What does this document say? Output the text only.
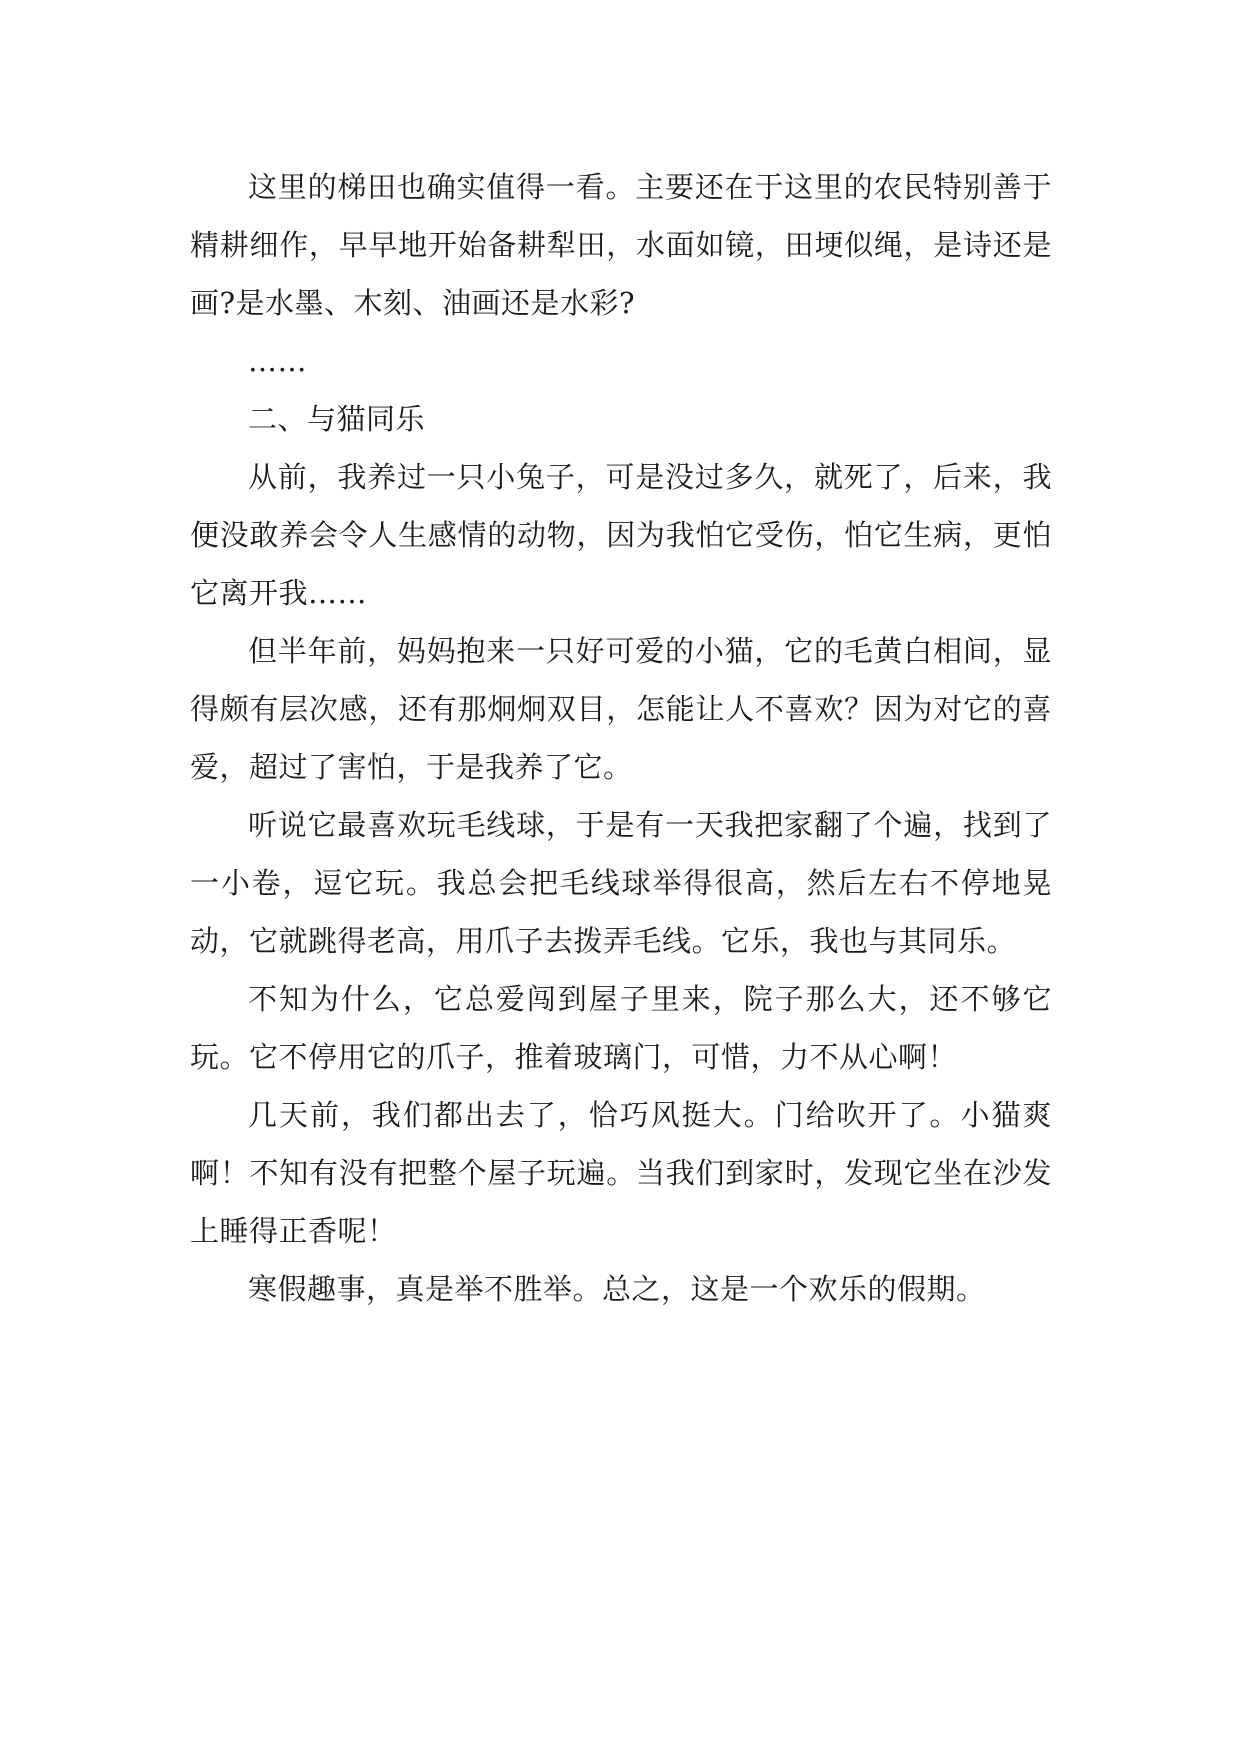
这里的梯田也确实值得一看。主要还在于这里的农民特别善于精耕细作，早早地开始备耕犁田，水面如镜，田埂似绳，是诗还是画?是水墨、木刻、油画还是水彩?

……

二、与猫同乐

从前，我养过一只小兔子，可是没过多久，就死了，后来，我便没敢养会令人生感情的动物，因为我怕它受伤，怕它生病，更怕它离开我……

但半年前，妈妈抱来一只好可爱的小猫，它的毛黄白相间，显得颇有层次感，还有那炯炯双目，怎能让人不喜欢？因为对它的喜爱，超过了害怕，于是我养了它。

听说它最喜欢玩毛线球，于是有一天我把家翻了个遍，找到了一小卷，逗它玩。我总会把毛线球举得很高，然后左右不停地晃动，它就跳得老高，用爪子去拨弄毛线。它乐，我也与其同乐。

不知为什么，它总爱闯到屋子里来，院子那么大，还不够它玩。它不停用它的爪子，推着玻璃门，可惜，力不从心啊！

几天前，我们都出去了，恰巧风挺大。门给吹开了。小猫爽啊！不知有没有把整个屋子玩遍。当我们到家时，发现它坐在沙发上睡得正香呢！

寒假趣事，真是举不胜举。总之，这是一个欢乐的假期。
